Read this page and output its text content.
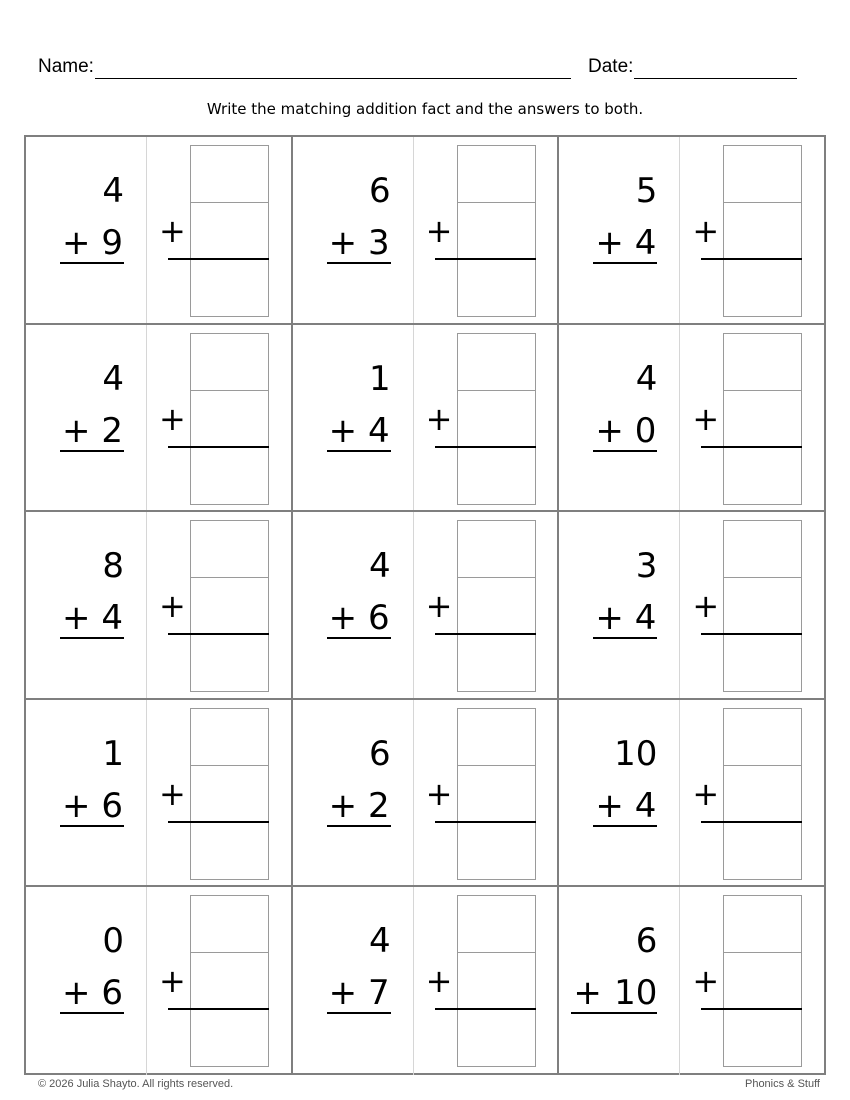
Name:	Date:
Write the matching addition fact and the answers to both.
4
+ 9 +
6
+ 3 +
5
+ 4 +
4
+ 2 +
1
+ 4 +
4
+ 0 +
8
+ 4 +
4
+ 6 +
3
+ 4 +
1
+ 6 +
6
+ 2 +
10
+ 4 +
0
+ 6 +
4
+ 7 +
6
+ 10 +
© 2026 Julia Shayto. All rights reserved.	Phonics & Stuff
